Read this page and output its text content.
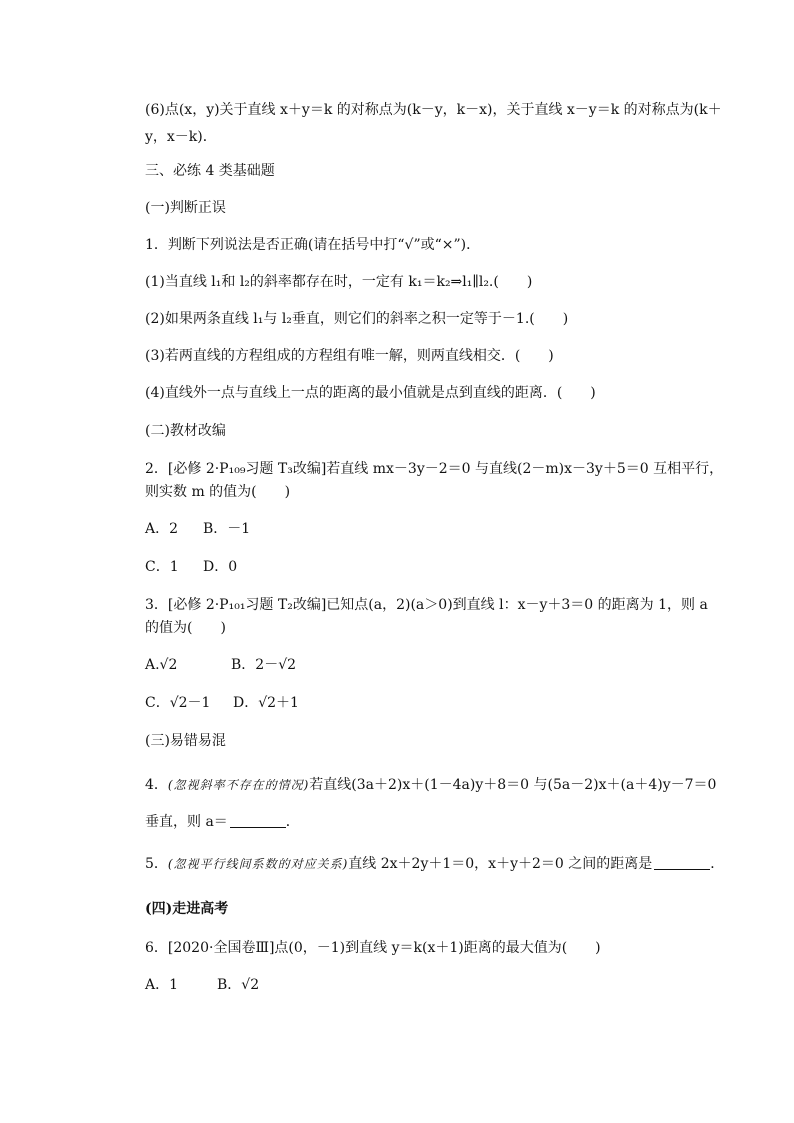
(6)点(x，y)关于直线 x＋y＝k 的对称点为(k－y，k－x)，关于直线 x－y＝k 的对称点为(k＋
y，x－k)．
三、必练 4 类基础题
(一)判断正误
1．判断下列说法是否正确(请在括号中打“√”或“×”)．
(1)当直线 l₁和 l₂的斜率都存在时，一定有 k₁＝k₂⇒l₁∥l₂.(　　)
(2)如果两条直线 l₁与 l₂垂直，则它们的斜率之积一定等于－1.(　　)
(3)若两直线的方程组成的方程组有唯一解，则两直线相交．(　　)
(4)直线外一点与直线上一点的距离的最小值就是点到直线的距离．(　　)
(二)教材改编
2．[必修 2·P₁₀₉习题 T₃改编]若直线 mx－3y－2＝0 与直线(2－m)x－3y＋5＝0 互相平行，
则实数 m 的值为(　　)
A．2 B．－1
C．1 D．0
3．[必修 2·P₁₀₁习题 T₂改编]已知点(a，2)(a＞0)到直线 l：x－y＋3＝0 的距离为 1，则 a
的值为(　　)
A.√2	B．2－√2
C．√2－1 D．√2＋1
(三)易错易混
4．(忽视斜率不存在的情况)若直线(3a＋2)x＋(1－4a)y＋8＝0 与(5a－2)x＋(a＋4)y－7＝0
垂直，则 a＝	．
5．(忽视平行线间系数的对应关系)直线 2x＋2y＋1＝0，x＋y＋2＝0 之间的距离是	．
(四)走进高考
6．[2020·全国卷Ⅲ]点(0，－1)到直线 y＝k(x＋1)距离的最大值为(　　)
A．1	B．√2
